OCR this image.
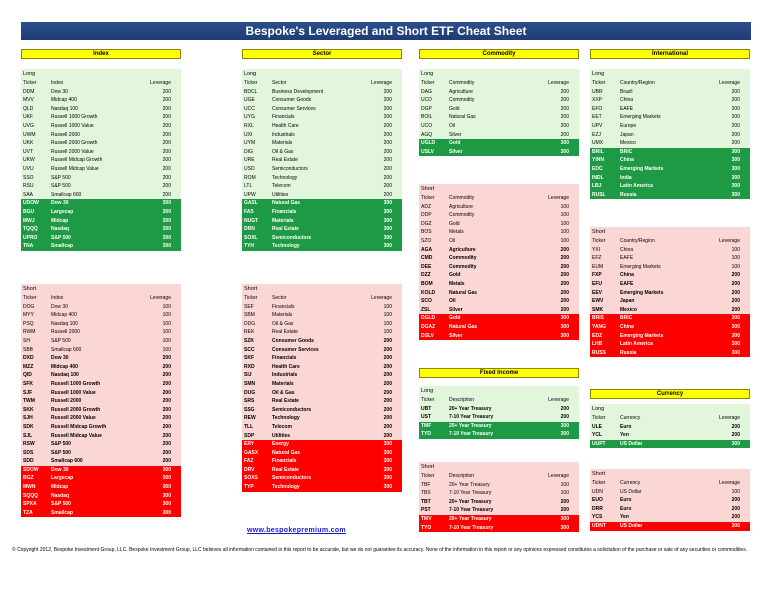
Bespoke's Leveraged and Short ETF Cheat Sheet
Index
Long
Ticker	Index	Leverage
DDM	Dow 30	200
MVV	Midcap 400	200
QLD	Nasdaq 100	200
UKF	Russell 1000 Growth	200
UVG	Russell 1000 Value	200
UWM	Russell 2000	200
UKK	Russell 2000 Growth	200
UVT	Russell 2000 Value	200
UKW	Russell Midcap Growth	200
UVU	Russell Midcap Value	200
SSO	S&P 500	200
RSU	S&P 500	200
SAA	Smallcap 600	200
UDOW	Dow 30	300
BGU	Largecap	300
MWJ	Midcap	300
TQQQ	Nasdaq	300
UPRO	S&P 500	300
TNA	Smallcap	300
Short
Ticker	Index	Leverage
DOG	Dow 30	100
MYY	Midcap 400	100
PSQ	Nasdaq 100	100
RWM	Russell 2000	100
SH	S&P 500	100
SBB	Smallcap 600	100
DXD	Dow 30	200
MZZ	Midcap 400	200
QID	Nasdaq 100	200
SFK	Russell 1000 Growth	200
SJF	Russell 1000 Value	200
TWM	Russell 2000	200
SKK	Russell 2000 Growth	200
SJH	Russell 2000 Value	200
SDK	Russell Midcap Growth	200
SJL	Russell Midcap Value	200
RSW	S&P 500	200
SDS	S&P 500	200
SDD	Smallcap 600	200
SDOW	Dow 30	300
BGZ	Largecap	300
MWN	Midcap	300
SQQQ	Nasdaq	300
SPXA	S&P 500	300
TZA	Smallcap	300
Sector
Long
Ticker	Sector	Leverage
BDCL	Business Development	200
UGE	Consumer Goods	200
UCC	Consumer Services	200
UYG	Financials	200
RXL	Health Care	200
UXI	Industrials	200
UYM	Materials	200
DIG	Oil & Gas	200
URE	Real Estate	200
USD	Semiconductors	200
ROM	Technology	200
LTL	Telecom	200
UPW	Utilities	200
GASL	Natural Gas	300
FAS	Financials	300
NUGT	Materials	300
DRN	Real Estate	300
SOXL	Semiconductors	300
TYH	Technology	300
Short
Ticker	Sector	Leverage
SEF	Financials	100
SBM	Materials	100
DDG	Oil & Gas	100
REK	Real Estate	100
SZK	Consumer Goods	200
SCC	Consumer Services	200
SKF	Financials	200
RXD	Health Care	200
SIJ	Industrials	200
SMN	Materials	200
DUG	Oil & Gas	200
SRS	Real Estate	200
SSG	Semiconductors	200
REW	Technology	200
TLL	Telecom	200
SDP	Utilities	200
ERY	Energy	300
GASX	Natural Gas	300
FAZ	Financials	300
DRV	Real Estate	300
SOXS	Semiconductors	300
TYP	Technology	300
Commodity
Long
Ticker	Commodity	Leverage
DAG	Agriculture	200
UCD	Commodity	200
DGP	Gold	200
BOIL	Natural Gas	200
UCO	Oil	200
AGQ	Silver	200
UGLD	Gold	300
USLV	Silver	300
Short
Ticker	Commodity	Leverage
ADZ	Agriculture	100
DDP	Commodity	100
DGZ	Gold	100
BOS	Metals	100
SZO	Oil	100
AGA	Agriculture	200
CMD	Commodity	200
DEE	Commodity	200
DZZ	Gold	200
BOM	Metals	200
KOLD	Natural Gas	200
SCO	Oil	200
ZSL	Silver	200
DGLD	Gold	300
DGAZ	Natural Gas	300
DSLV	Silver	300
Fixed Income
Long
Ticker	Description	Leverage
UBT	20+ Year Treasury	200
UST	7-10 Year Treasury	200
TMF	20+ Year Treasury	300
TYD	7-10 Year Treasury	300
Short
Ticker	Description	Leverage
TBF	20+ Year Treasury	100
TBX	7-10 Year Treasury	100
TBT	20+ Year Treasury	200
PST	7-10 Year Treasury	200
TMV	20+ Year Treasury	300
TYO	7-10 Year Treasury	300
International
Long
Ticker	Country/Region	Leverage
UBR	Brazil	200
XXP	China	200
EFO	EAFE	200
EET	Emerging Markets	200
UPV	Europe	200
EZJ	Japan	200
UMX	Mexico	200
BRIL	BRIC	300
YINN	China	300
EDC	Emerging Markets	300
INDL	India	300
LBJ	Latin America	300
RUSL	Russia	300
Short
Ticker	Country/Region	Leverage
YXI	China	100
EFZ	EAFE	100
EUM	Emerging Markets	100
FXP	China	200
EFU	EAFE	200
EEV	Emerging Markets	200
EWV	Japan	200
SMK	Mexico	200
BRIS	BRIC	300
YANG	China	300
EDZ	Emerging Markets	300
LHB	Latin America	300
RUSS	Russia	300
Currency
Long
Ticker	Currency	Leverage
ULE	Euro	200
YCL	Yen	200
UUPT	US Dollar	300
Short
Ticker	Currency	Leverage
UDN	US Dollar	100
EUO	Euro	200
DRR	Euro	200
YCS	Yen	200
UDNT	US Dollar	300
www.bespokepremium.com
© Copyright 2012, Bespoke Investment Group, LLC. Bespoke Investment Group, LLC believes all information contained in this report to be accurate, but we do not guarantee its accuracy. None of the information in this report or any opinions expressed constitutes a solicitation of the purchase or sale of any securities or commodities.
